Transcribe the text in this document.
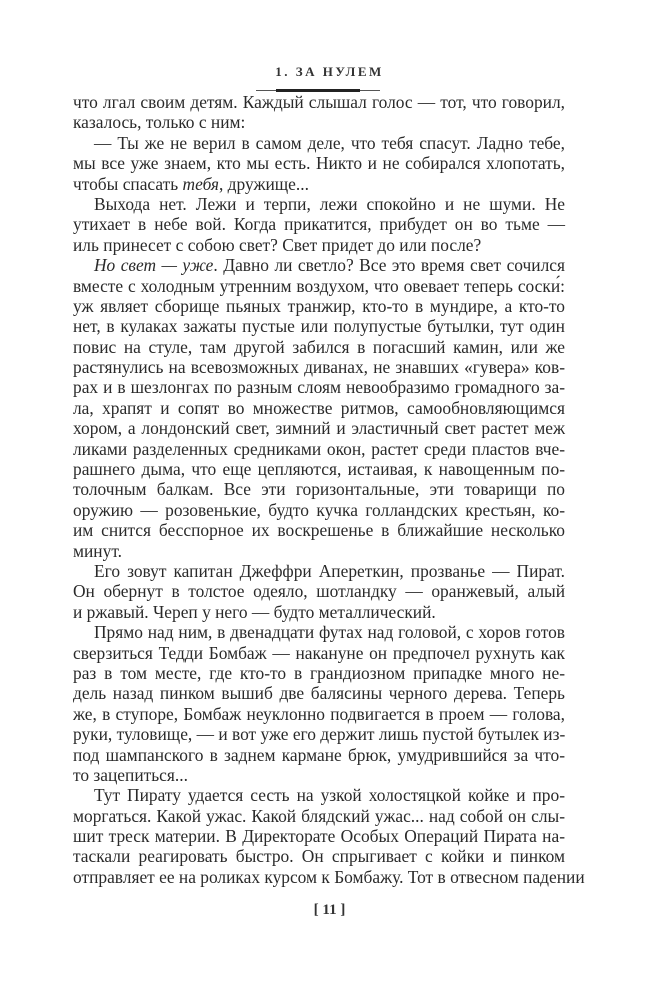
1. ЗА НУЛЕМ
что лгал своим детям. Каждый слышал голос — тот, что говорил,
казалось, только с ним:
— Ты же не верил в самом деле, что тебя спасут. Ладно тебе,
мы все уже знаем, кто мы есть. Никто и не собирался хлопотать,
чтобы спасать тебя, дружище...
Выхода нет. Лежи и терпи, лежи спокойно и не шуми. Не
утихает в небе вой. Когда прикатится, прибудет он во тьме —
иль принесет с собою свет? Свет придет до или после?
Но свет — уже. Давно ли светло? Все это время свет сочился
вместе с холодным утренним воздухом, что овевает теперь соски́:
уж являет сборище пьяных транжир, кто-то в мундире, а кто-то
нет, в кулаках зажаты пустые или полупустые бутылки, тут один
повис на стуле, там другой забился в погасший камин, или же
растянулись на всевозможных диванах, не знавших «гувера» ков-
рах и в шезлонгах по разным слоям невообразимо громадного за-
ла, храпят и сопят во множестве ритмов, самообновляющимся
хором, а лондонский свет, зимний и эластичный свет растет меж
ликами разделенных средниками окон, растет среди пластов вче-
рашнего дыма, что еще цепляются, истаивая, к навощенным по-
толочным балкам. Все эти горизонтальные, эти товарищи по
оружию — розовенькие, будто кучка голландских крестьян, ко-
им снится бесспорное их воскрешенье в ближайшие несколько
минут.
Его зовут капитан Джеффри Апереткин, прозванье — Пират.
Он обернут в толстое одеяло, шотландку — оранжевый, алый
и ржавый. Череп у него — будто металлический.
Прямо над ним, в двенадцати футах над головой, с хоров готов
сверзиться Тедди Бомбаж — накануне он предпочел рухнуть как
раз в том месте, где кто-то в грандиозном припадке много не-
дель назад пинком вышиб две балясины черного дерева. Теперь
же, в ступоре, Бомбаж неуклонно подвигается в проем — голова,
руки, туловище, — и вот уже его держит лишь пустой бутылек из-
под шампанского в заднем кармане брюк, умудрившийся за что-
то зацепиться...
Тут Пирату удается сесть на узкой холостяцкой койке и про-
моргаться. Какой ужас. Какой блядский ужас... над собой он слы-
шит треск материи. В Директорате Особых Операций Пирата на-
таскали реагировать быстро. Он спрыгивает с койки и пинком
отправляет ее на роликах курсом к Бомбажу. Тот в отвесном падении
[ 11 ]
